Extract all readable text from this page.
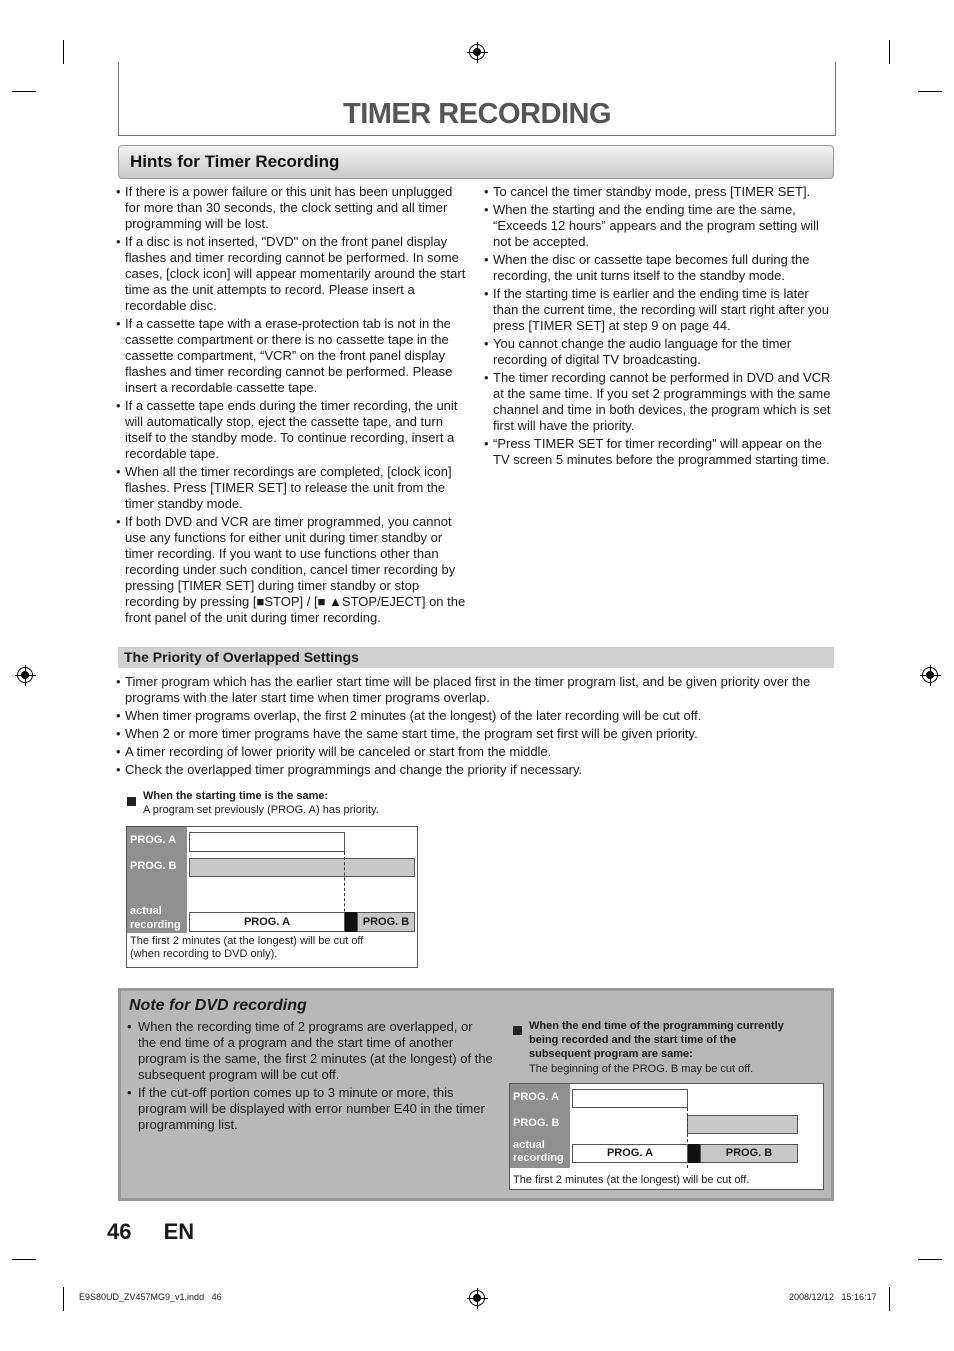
TIMER RECORDING
Hints for Timer Recording
• If there is a power failure or this unit has been unplugged for more than 30 seconds, the clock setting and all timer programming will be lost.
• If a disc is not inserted, "DVD" on the front panel display flashes and timer recording cannot be performed. In some cases, [clock icon] will appear momentarily around the start time as the unit attempts to record. Please insert a recordable disc.
• If a cassette tape with a erase-protection tab is not in the cassette compartment or there is no cassette tape in the cassette compartment, “VCR” on the front panel display flashes and timer recording cannot be performed. Please insert a recordable cassette tape.
• If a cassette tape ends during the timer recording, the unit will automatically stop, eject the cassette tape, and turn itself to the standby mode. To continue recording, insert a recordable tape.
• When all the timer recordings are completed, [clock icon] flashes. Press [TIMER SET] to release the unit from the timer standby mode.
• If both DVD and VCR are timer programmed, you cannot use any functions for either unit during timer standby or timer recording. If you want to use functions other than recording under such condition, cancel timer recording by pressing [TIMER SET] during timer standby or stop recording by pressing [■STOP] / [■ ▲STOP/EJECT] on the front panel of the unit during timer recording.
• To cancel the timer standby mode, press [TIMER SET].
• When the starting and the ending time are the same, “Exceeds 12 hours” appears and the program setting will not be accepted.
• When the disc or cassette tape becomes full during the recording, the unit turns itself to the standby mode.
• If the starting time is earlier and the ending time is later than the current time, the recording will start right after you press [TIMER SET] at step 9 on page 44.
• You cannot change the audio language for the timer recording of digital TV broadcasting.
• The timer recording cannot be performed in DVD and VCR at the same time. If you set 2 programmings with the same channel and time in both devices, the program which is set first will have the priority.
• “Press TIMER SET for timer recording” will appear on the TV screen 5 minutes before the programmed starting time.
The Priority of Overlapped Settings
• Timer program which has the earlier start time will be placed first in the timer program list, and be given priority over the programs with the later start time when timer programs overlap.
• When timer programs overlap, the first 2 minutes (at the longest) of the later recording will be cut off.
• When 2 or more timer programs have the same start time, the program set first will be given priority.
• A timer recording of lower priority will be canceled or start from the middle.
• Check the overlapped timer programmings and change the priority if necessary.
When the starting time is the same:
A program set previously (PROG. A) has priority.
PROG. A
PROG. B
actual
recording	PROG. A	PROG. B
The first 2 minutes (at the longest) will be cut off
(when recording to DVD only).
Note for DVD recording
• When the recording time of 2 programs are overlapped, or the end time of a program and the start time of another program is the same, the first 2 minutes (at the longest) of the subsequent program will be cut off.
• If the cut-off portion comes up to 3 minute or more, this program will be displayed with error number E40 in the timer programming list.
When the end time of the programming currently being recorded and the start time of the subsequent program are same:
The beginning of the PROG. B may be cut off.
PROG. A
PROG. B
actual
recording	PROG. A	PROG. B
The first 2 minutes (at the longest) will be cut off.
46 EN
E9S80UD_ZV457MG9_v1.indd   46	2008/12/12   15:16:17
